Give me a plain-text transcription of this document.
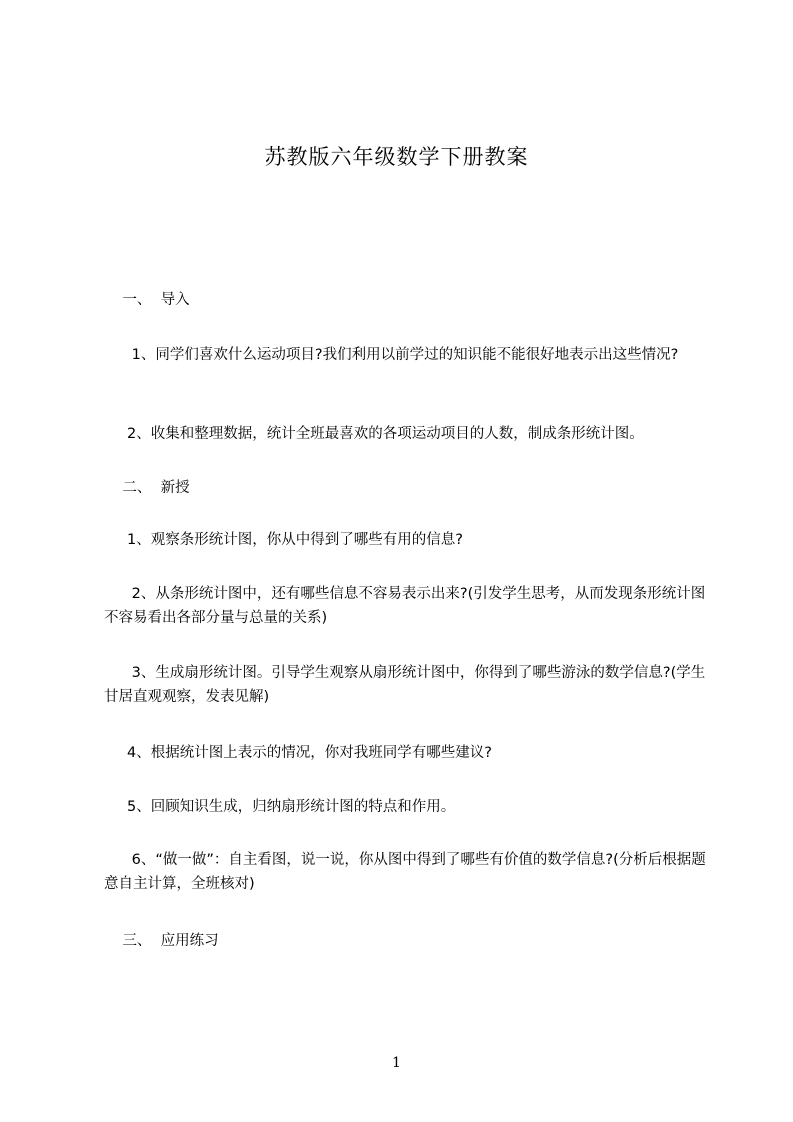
苏教版六年级数学下册教案
一、  导入
1、同学们喜欢什么运动项目?我们利用以前学过的知识能不能很好地表示出这些情况?
2、收集和整理数据，统计全班最喜欢的各项运动项目的人数，制成条形统计图。
二、  新授
1、观察条形统计图，你从中得到了哪些有用的信息?
2、从条形统计图中，还有哪些信息不容易表示出来?(引发学生思考，从而发现条形统计图不容易看出各部分量与总量的关系)
3、生成扇形统计图。引导学生观察从扇形统计图中，你得到了哪些游泳的数学信息?(学生甘居直观观察，发表见解)
4、根据统计图上表示的情况，你对我班同学有哪些建议?
5、回顾知识生成，归纳扇形统计图的特点和作用。
6、“做一做”：自主看图，说一说，你从图中得到了哪些有价值的数学信息?(分析后根据题意自主计算，全班核对)
三、  应用练习
1
